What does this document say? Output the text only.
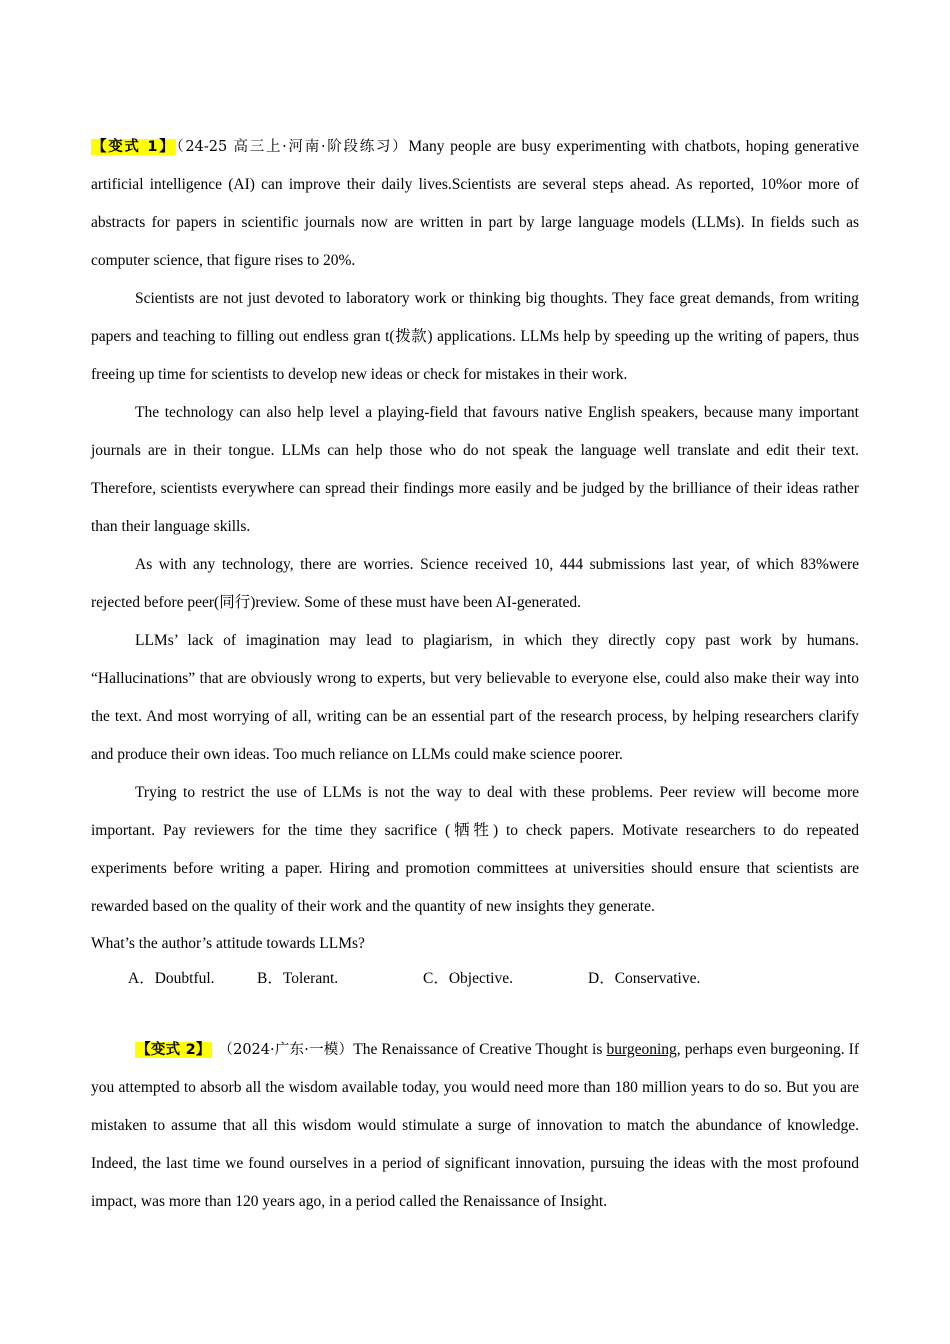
【变式 1】（24-25 高三上·河南·阶段练习）Many people are busy experimenting with chatbots, hoping generative artificial intelligence (AI) can improve their daily lives.Scientists are several steps ahead. As reported, 10%or more of abstracts for papers in scientific journals now are written in part by large language models (LLMs). In fields such as computer science, that figure rises to 20%.

Scientists are not just devoted to laboratory work or thinking big thoughts. They face great demands, from writing papers and teaching to filling out endless gran t(拨款) applications. LLMs help by speeding up the writing of papers, thus freeing up time for scientists to develop new ideas or check for mistakes in their work.

The technology can also help level a playing-field that favours native English speakers, because many important journals are in their tongue. LLMs can help those who do not speak the language well translate and edit their text. Therefore, scientists everywhere can spread their findings more easily and be judged by the brilliance of their ideas rather than their language skills.

As with any technology, there are worries. Science received 10, 444 submissions last year, of which 83%were rejected before peer(同行)review. Some of these must have been AI-generated.

LLMs’ lack of imagination may lead to plagiarism, in which they directly copy past work by humans. “Hallucinations” that are obviously wrong to experts, but very believable to everyone else, could also make their way into the text. And most worrying of all, writing can be an essential part of the research process, by helping researchers clarify and produce their own ideas. Too much reliance on LLMs could make science poorer.

Trying to restrict the use of LLMs is not the way to deal with these problems. Peer review will become more important. Pay reviewers for the time they sacrifice (牺牲) to check papers. Motivate researchers to do repeated experiments before writing a paper. Hiring and promotion committees at universities should ensure that scientists are rewarded based on the quality of their work and the quantity of new insights they generate.

What’s the author’s attitude towards LLMs?

A．Doubtful.	B．Tolerant.	C．Objective.	D．Conservative.

【变式 2】 （2024·广东·一模）The Renaissance of Creative Thought is burgeoning, perhaps even burgeoning. If you attempted to absorb all the wisdom available today, you would need more than 180 million years to do so. But you are mistaken to assume that all this wisdom would stimulate a surge of innovation to match the abundance of knowledge. Indeed, the last time we found ourselves in a period of significant innovation, pursuing the ideas with the most profound impact, was more than 120 years ago, in a period called the Renaissance of Insight.
